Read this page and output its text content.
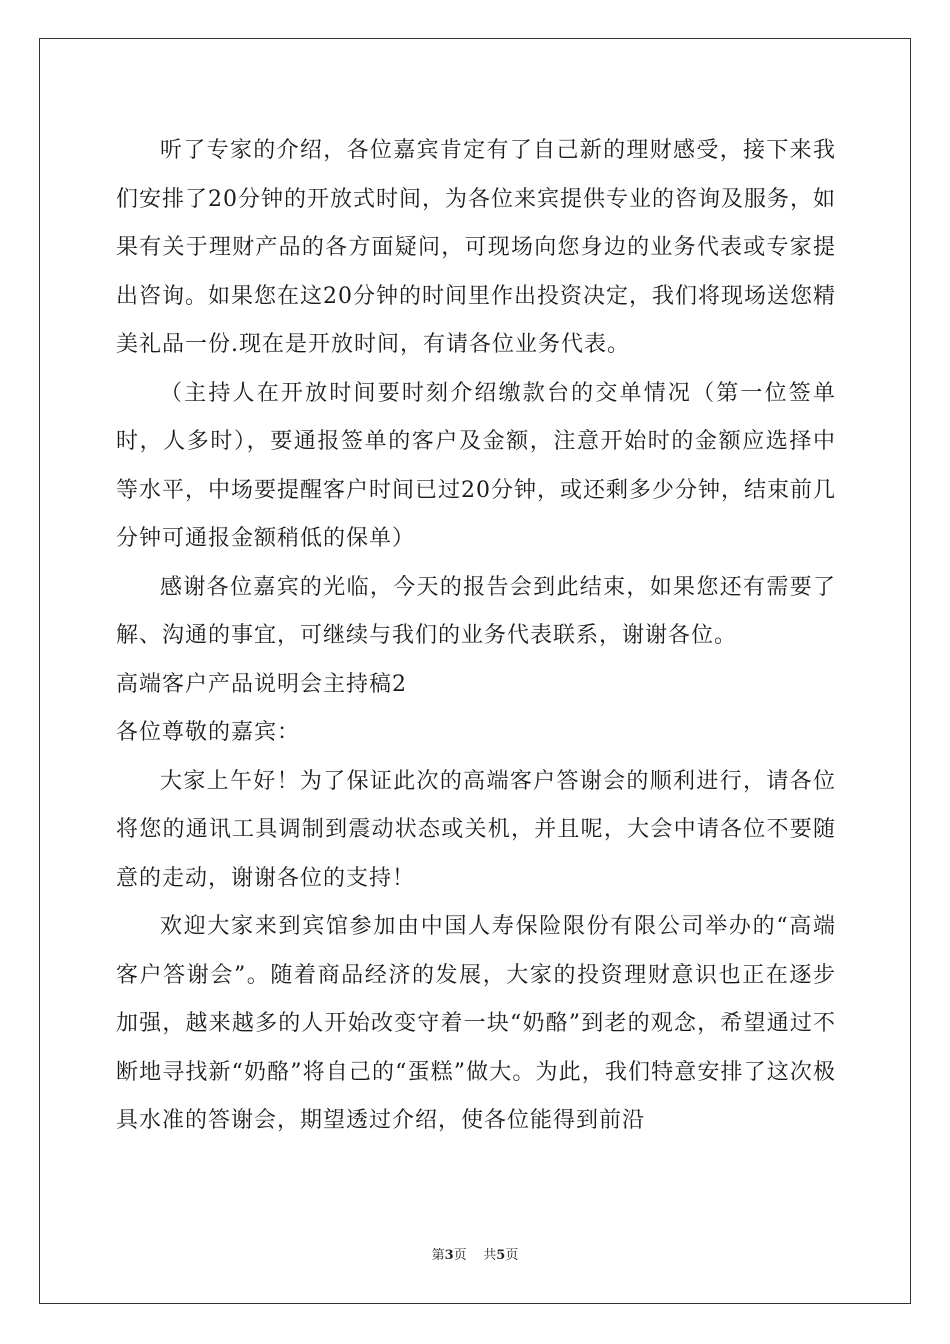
听了专家的介绍，各位嘉宾肯定有了自己新的理财感受，接下来我们安排了20分钟的开放式时间，为各位来宾提供专业的咨询及服务，如果有关于理财产品的各方面疑问，可现场向您身边的业务代表或专家提出咨询。如果您在这20分钟的时间里作出投资决定，我们将现场送您精美礼品一份.现在是开放时间，有请各位业务代表。

（主持人在开放时间要时刻介绍缴款台的交单情况（第一位签单时，人多时），要通报签单的客户及金额，注意开始时的金额应选择中等水平，中场要提醒客户时间已过20分钟，或还剩多少分钟，结束前几分钟可通报金额稍低的保单）

感谢各位嘉宾的光临，今天的报告会到此结束，如果您还有需要了解、沟通的事宜，可继续与我们的业务代表联系，谢谢各位。

高端客户产品说明会主持稿2

各位尊敬的嘉宾：

大家上午好！为了保证此次的高端客户答谢会的顺利进行，请各位将您的通讯工具调制到震动状态或关机，并且呢，大会中请各位不要随意的走动，谢谢各位的支持！

欢迎大家来到宾馆参加由中国人寿保险限份有限公司举办的“高端客户答谢会”。随着商品经济的发展，大家的投资理财意识也正在逐步加强，越来越多的人开始改变守着一块“奶酪”到老的观念，希望通过不断地寻找新“奶酪”将自己的“蛋糕”做大。为此，我们特意安排了这次极具水准的答谢会，期望透过介绍，使各位能得到前沿

第3页 共5页
